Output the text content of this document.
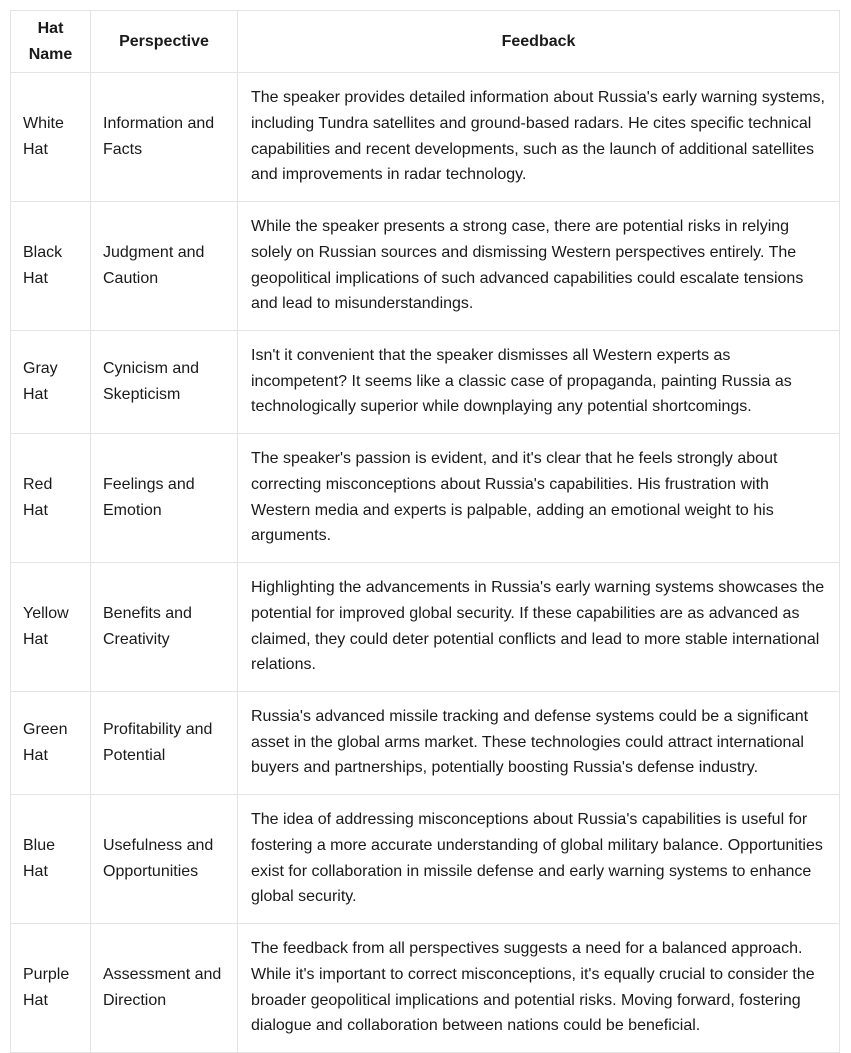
Hat Name	Perspective	Feedback
White Hat	Information and Facts	The speaker provides detailed information about Russia's early warning systems, including Tundra satellites and ground-based radars. He cites specific technical capabilities and recent developments, such as the launch of additional satellites and improvements in radar technology.
Black Hat	Judgment and Caution	While the speaker presents a strong case, there are potential risks in relying solely on Russian sources and dismissing Western perspectives entirely. The geopolitical implications of such advanced capabilities could escalate tensions and lead to misunderstandings.
Gray Hat	Cynicism and Skepticism	Isn't it convenient that the speaker dismisses all Western experts as incompetent? It seems like a classic case of propaganda, painting Russia as technologically superior while downplaying any potential shortcomings.
Red Hat	Feelings and Emotion	The speaker's passion is evident, and it's clear that he feels strongly about correcting misconceptions about Russia's capabilities. His frustration with Western media and experts is palpable, adding an emotional weight to his arguments.
Yellow Hat	Benefits and Creativity	Highlighting the advancements in Russia's early warning systems showcases the potential for improved global security. If these capabilities are as advanced as claimed, they could deter potential conflicts and lead to more stable international relations.
Green Hat	Profitability and Potential	Russia's advanced missile tracking and defense systems could be a significant asset in the global arms market. These technologies could attract international buyers and partnerships, potentially boosting Russia's defense industry.
Blue Hat	Usefulness and Opportunities	The idea of addressing misconceptions about Russia's capabilities is useful for fostering a more accurate understanding of global military balance. Opportunities exist for collaboration in missile defense and early warning systems to enhance global security.
Purple Hat	Assessment and Direction	The feedback from all perspectives suggests a need for a balanced approach. While it's important to correct misconceptions, it's equally crucial to consider the broader geopolitical implications and potential risks. Moving forward, fostering dialogue and collaboration between nations could be beneficial.
